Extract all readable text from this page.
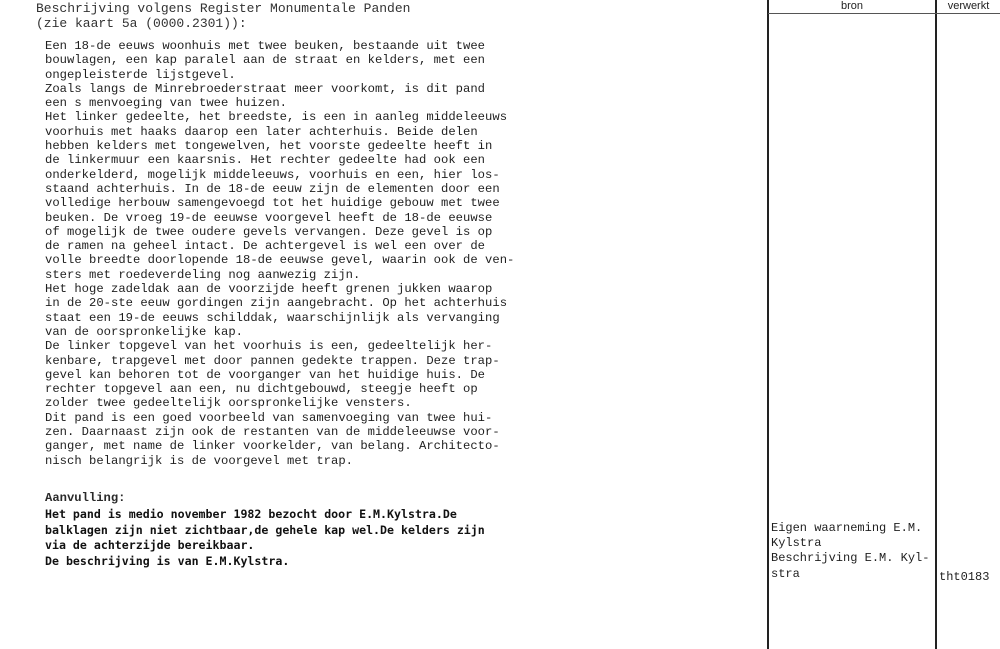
bron	verwerkt
Beschrijving volgens Register Monumentale Panden
(zie kaart 5a (0000.2301)):
Een 18-de eeuws woonhuis met twee beuken, bestaande uit twee
bouwlagen, een kap paralel aan de straat en kelders, met een
ongepleisterde lijstgevel.
Zoals langs de Minrebroederstraat meer voorkomt, is dit pand
een s menvoeging van twee huizen.
Het linker gedeelte, het breedste, is een in aanleg middeleeuws
voorhuis met haaks daarop een later achterhuis. Beide delen
hebben kelders met tongewelven, het voorste gedeelte heeft in
de linkermuur een kaarsnis. Het rechter gedeelte had ook een
onderkelderd, mogelijk middeleeuws, voorhuis en een, hier los-
staand achterhuis. In de 18-de eeuw zijn de elementen door een
volledige herbouw samengevoegd tot het huidige gebouw met twee
beuken. De vroeg 19-de eeuwse voorgevel heeft de 18-de eeuwse
of mogelijk de twee oudere gevels vervangen. Deze gevel is op
de ramen na geheel intact. De achtergevel is wel een over de
volle breedte doorlopende 18-de eeuwse gevel, waarin ook de ven-
sters met roedeverdeling nog aanwezig zijn.
Het hoge zadeldak aan de voorzijde heeft grenen jukken waarop
in de 20-ste eeuw gordingen zijn aangebracht. Op het achterhuis
staat een 19-de eeuws schilddak, waarschijnlijk als vervanging
van de oorspronkelijke kap.
De linker topgevel van het voorhuis is een, gedeeltelijk her-
kenbare, trapgevel met door pannen gedekte trappen. Deze trap-
gevel kan behoren tot de voorganger van het huidige huis. De
rechter topgevel aan een, nu dichtgebouwd, steegje heeft op
zolder twee gedeeltelijk oorspronkelijke vensters.
Dit pand is een goed voorbeeld van samenvoeging van twee hui-
zen. Daarnaast zijn ook de restanten van de middeleeuwse voor-
ganger, met name de linker voorkelder, van belang. Architecto-
nisch belangrijk is de voorgevel met trap.
Aanvulling:
Het pand is medio november 1982 bezocht door E.M.Kylstra.De
balklagen zijn niet zichtbaar,de gehele kap wel.De kelders zijn
via de achterzijde bereikbaar.
De beschrijving is van E.M.Kylstra.
Eigen waarneming E.M.
Kylstra
Beschrijving E.M. Kyl-
stra	tht0183
